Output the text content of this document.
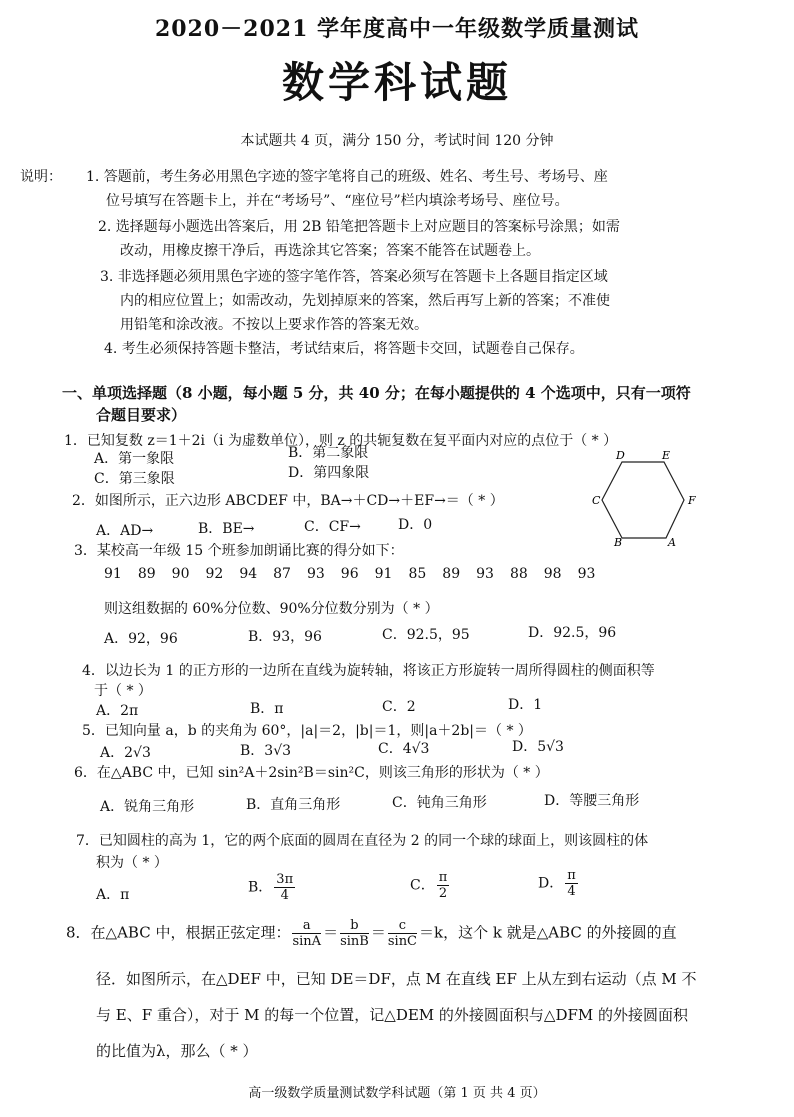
2020－2021 学年度高中一年级数学质量测试
数学科试题
本试题共 4 页，满分 150 分，考试时间 120 分钟
说明： 1. 答题前，考生务必用黑色字迹的签字笔将自己的班级、姓名、考生号、考场号、座
位号填写在答题卡上，并在“考场号”、“座位号”栏内填涂考场号、座位号。
2. 选择题每小题选出答案后，用 2B 铅笔把答题卡上对应题目的答案标号涂黑；如需
改动，用橡皮擦干净后，再选涂其它答案；答案不能答在试题卷上。
3. 非选择题必须用黑色字迹的签字笔作答，答案必须写在答题卡上各题目指定区域
内的相应位置上；如需改动，先划掉原来的答案，然后再写上新的答案；不准使
用铅笔和涂改液。不按以上要求作答的答案无效。
4. 考生必须保持答题卡整洁，考试结束后，将答题卡交回，试题卷自己保存。
一、单项选择题（8 小题，每小题 5 分，共 40 分；在每小题提供的 4 个选项中，只有一项符
合题目要求）
1．已知复数 z＝1＋2i（i 为虚数单位），则 z 的共轭复数在复平面内对应的点位于（ * ）
A．第一象限	B．第二象限
C．第三象限	D．第四象限
D	E
F
A
B
C
2．如图所示，正六边形 ABCDEF 中，BA→＋CD→＋EF→＝（ * ）
A．AD→	B．BE→	C．CF→	D．0
3．某校高一年级 15 个班参加朗诵比赛的得分如下：
91 89 90 92 94 87 93 96 91 85 89 93 88 98 93
则这组数据的 60%分位数、90%分位数分别为（ * ）
A．92，96	B．93，96	C．92.5，95	D．92.5，96
4．以边长为 1 的正方形的一边所在直线为旋转轴，将该正方形旋转一周所得圆柱的侧面积等
于（ * ）
A．2π	B．π	C．2	D．1
5．已知向量 a，b 的夹角为 60°，|a|＝2，|b|＝1，则|a＋2b|＝（ * ）
A．2√3	B．3√3	C．4√3	D．5√3
6．在△ABC 中，已知 sin²A＋2sin²B＝sin²C，则该三角形的形状为（ * ）
A．锐角三角形	B．直角三角形	C．钝角三角形	D．等腰三角形
7．已知圆柱的高为 1，它的两个底面的圆周在直径为 2 的同一个球的球面上，则该圆柱的体
积为（ * ）
A．π	B． $\frac{3\pi}{4}$	C． $\frac{\pi}{2}$	D． $\frac{\pi}{4}$
8．在△ABC 中，根据正弦定理： $\frac{a}{\sin A} = \frac{b}{\sin B} = \frac{c}{\sin C} =k$，这个 k 就是△ABC 的外接圆的直
径．如图所示，在△DEF 中，已知 DE＝DF，点 M 在直线 EF 上从左到右运动（点 M 不
与 E、F 重合），对于 M 的每一个位置，记△DEM 的外接圆面积与△DFM 的外接圆面积
的比值为λ，那么（ * ）
高一级数学质量测试数学科试题（第 1 页 共 4 页）
